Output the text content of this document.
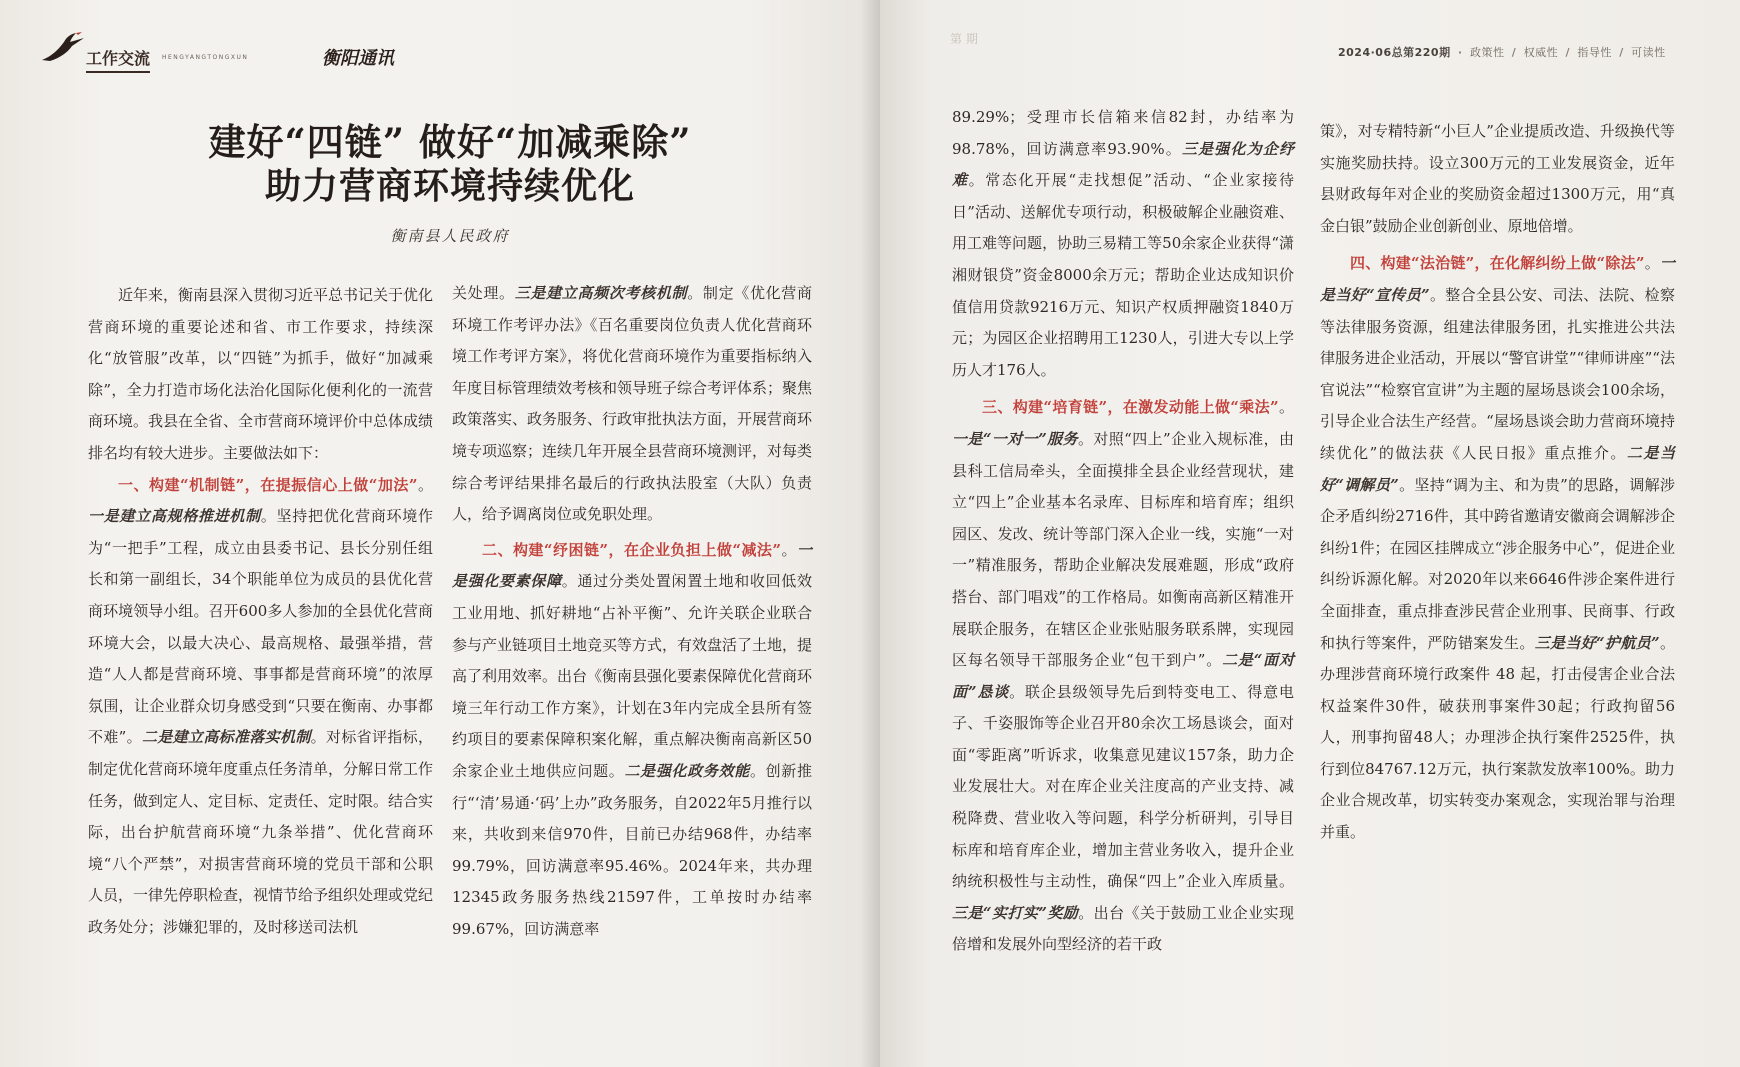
工作交流 HENGYANGTONGXUN	衡阳通讯
建好“四链” 做好“加减乘除”
助力营商环境持续优化
衡南县人民政府

近年来，衡南县深入贯彻习近平总书记关于优化营商环境的重要论述和省、市工作要求，持续深化“放管服”改革，以“四链”为抓手，做好“加减乘除”，全力打造市场化法治化国际化便利化的一流营商环境。我县在全省、全市营商环境评价中总体成绩排名均有较大进步。主要做法如下：

一、构建“机制链”，在提振信心上做“加法”。一是建立高规格推进机制。坚持把优化营商环境作为“一把手”工程，成立由县委书记、县长分别任组长和第一副组长，34个职能单位为成员的县优化营商环境领导小组。召开600多人参加的全县优化营商环境大会，以最大决心、最高规格、最强举措，营造“人人都是营商环境、事事都是营商环境”的浓厚氛围，让企业群众切身感受到“只要在衡南、办事都不难”。二是建立高标准落实机制。对标省评指标，制定优化营商环境年度重点任务清单，分解日常工作任务，做到定人、定目标、定责任、定时限。结合实际，出台护航营商环境“九条举措”、优化营商环境“八个严禁”，对损害营商环境的党员干部和公职人员，一律先停职检查，视情节给予组织处理或党纪政务处分；涉嫌犯罪的，及时移送司法机

关处理。三是建立高频次考核机制。制定《优化营商环境工作考评办法》《百名重要岗位负责人优化营商环境工作考评方案》，将优化营商环境作为重要指标纳入年度目标管理绩效考核和领导班子综合考评体系；聚焦政策落实、政务服务、行政审批执法方面，开展营商环境专项巡察；连续几年开展全县营商环境测评，对每类综合考评结果排名最后的行政执法股室（大队）负责人，给予调离岗位或免职处理。

二、构建“纾困链”，在企业负担上做“减法”。一是强化要素保障。通过分类处置闲置土地和收回低效工业用地、抓好耕地“占补平衡”、允许关联企业联合参与产业链项目土地竞买等方式，有效盘活了土地，提高了利用效率。出台《衡南县强化要素保障优化营商环境三年行动工作方案》，计划在3年内完成全县所有签约项目的要素保障积案化解，重点解决衡南高新区50余家企业土地供应问题。二是强化政务效能。创新推行“‘清’易通·‘码’上办”政务服务，自2022年5月推行以来，共收到来信970件，目前已办结968件，办结率99.79%，回访满意率95.46%。2024年来，共办理12345政务服务热线21597件，工单按时办结率99.67%，回访满意率

第 期
2024·06总第220期 · 政策性 / 权威性 / 指导性 / 可读性

89.29%；受理市长信箱来信82封，办结率为98.78%，回访满意率93.90%。三是强化为企纾难。常态化开展“走找想促”活动、“企业家接待日”活动、送解优专项行动，积极破解企业融资难、用工难等问题，协助三易精工等50余家企业获得“潇湘财银贷”资金8000余万元；帮助企业达成知识价值信用贷款9216万元、知识产权质押融资1840万元；为园区企业招聘用工1230人，引进大专以上学历人才176人。

三、构建“培育链”，在激发动能上做“乘法”。一是“一对一”服务。对照“四上”企业入规标准，由县科工信局牵头，全面摸排全县企业经营现状，建立“四上”企业基本名录库、目标库和培育库；组织园区、发改、统计等部门深入企业一线，实施“一对一”精准服务，帮助企业解决发展难题，形成“政府搭台、部门唱戏”的工作格局。如衡南高新区精准开展联企服务，在辖区企业张贴服务联系牌，实现园区每名领导干部服务企业“包干到户”。二是“面对面”恳谈。联企县级领导先后到特变电工、得意电子、千姿服饰等企业召开80余次工场恳谈会，面对面“零距离”听诉求，收集意见建议157条，助力企业发展壮大。对在库企业关注度高的产业支持、减税降费、营业收入等问题，科学分析研判，引导目标库和培育库企业，增加主营业务收入，提升企业纳统积极性与主动性，确保“四上”企业入库质量。三是“实打实”奖励。出台《关于鼓励工业企业实现倍增和发展外向型经济的若干政

策》，对专精特新“小巨人”企业提质改造、升级换代等实施奖励扶持。设立300万元的工业发展资金，近年县财政每年对企业的奖励资金超过1300万元，用“真金白银”鼓励企业创新创业、原地倍增。

四、构建“法治链”，在化解纠纷上做“除法”。一是当好“宣传员”。整合全县公安、司法、法院、检察等法律服务资源，组建法律服务团，扎实推进公共法律服务进企业活动，开展以“警官讲堂”“律师讲座”“法官说法”“检察官宣讲”为主题的屋场恳谈会100余场，引导企业合法生产经营。“屋场恳谈会助力营商环境持续优化”的做法获《人民日报》重点推介。二是当好“调解员”。坚持“调为主、和为贵”的思路，调解涉企矛盾纠纷2716件，其中跨省邀请安徽商会调解涉企纠纷1件；在园区挂牌成立“涉企服务中心”，促进企业纠纷诉源化解。对2020年以来6646件涉企案件进行全面排查，重点排查涉民营企业刑事、民商事、行政和执行等案件，严防错案发生。三是当好“护航员”。办理涉营商环境行政案件 48 起，打击侵害企业合法权益案件30件，破获刑事案件30起；行政拘留56人，刑事拘留48人；办理涉企执行案件2525件，执行到位84767.12万元，执行案款发放率100%。助力企业合规改革，切实转变办案观念，实现治罪与治理并重。
